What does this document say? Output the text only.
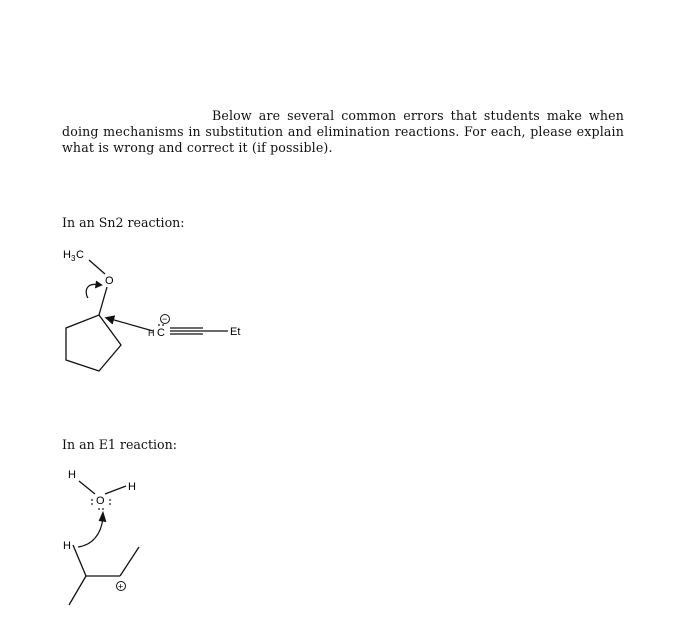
Below are several common errors that students make when doing mechanisms in substitution and elimination reactions. For each, please explain what is wrong and correct it (if possible).
In an Sn2 reaction:
In an E1 reaction:
H 3 C
O
H C
−
Et
H
H
O
H
+
